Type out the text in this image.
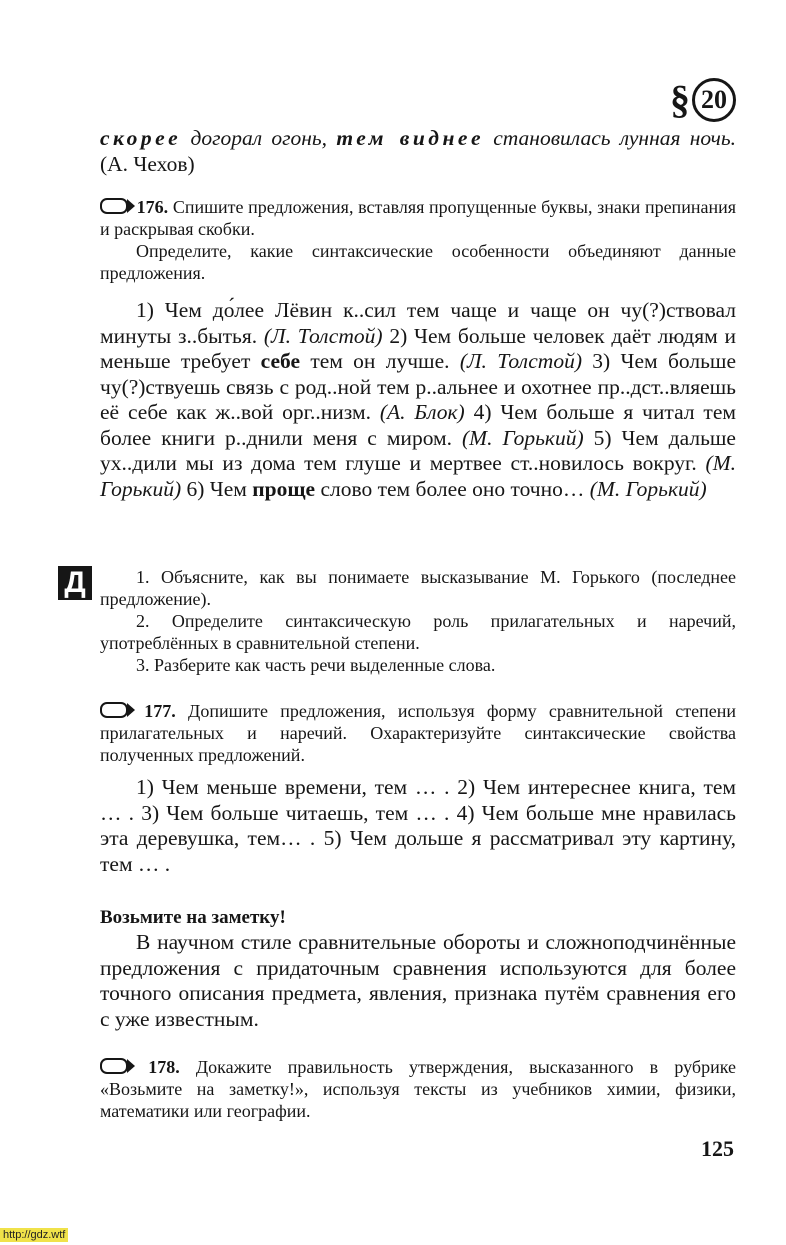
§ 20
скорее догорал огонь, тем виднее становилась лунная ночь. (А. Чехов)
176. Спишите предложения, вставляя пропущенные буквы, знаки препинания и раскрывая скобки.
Определите, какие синтаксические особенности объединяют данные предложения.
1) Чем до́лее Лёвин к..сил тем чаще и чаще он чу(?)ствовал минуты з..бытья. (Л. Толстой) 2) Чем больше человек даёт людям и меньше требует себе тем он лучше. (Л. Толстой) 3) Чем больше чу(?)ствуешь связь с род..ной тем р..альнее и охотнее пр..дст..вляешь её себе как ж..вой орг..низм. (А. Блок) 4) Чем больше я читал тем более книги р..днили меня с миром. (М. Горький) 5) Чем дальше ух..дили мы из дома тем глуше и мертвее ст..новилось вокруг. (М. Горький) 6) Чем проще слово тем более оно точно… (М. Горький)
Д	1. Объясните, как вы понимаете высказывание М. Горького (последнее предложение).

2. Определите синтаксическую роль прилагательных и наречий, употреблённых в сравнительной степени.

3. Разберите как часть речи выделенные слова.

177. Допишите предложения, используя форму сравнительной степени прилагательных и наречий. Охарактеризуйте синтаксические свойства полученных предложений.
1) Чем меньше времени, тем … . 2) Чем интереснее книга, тем … . 3) Чем больше читаешь, тем … . 4) Чем больше мне нравилась эта деревушка, тем… . 5) Чем дольше я рассматривал эту картину, тем … .
Возьмите на заметку!
В научном стиле сравнительные обороты и сложноподчинённые предложения с придаточным сравнения используются для более точного описания предмета, явления, признака путём сравнения его с уже известным.
178. Докажите правильность утверждения, высказанного в рубрике «Возьмите на заметку!», используя тексты из учебников химии, физики, математики или географии.
125
http://gdz.wtf
